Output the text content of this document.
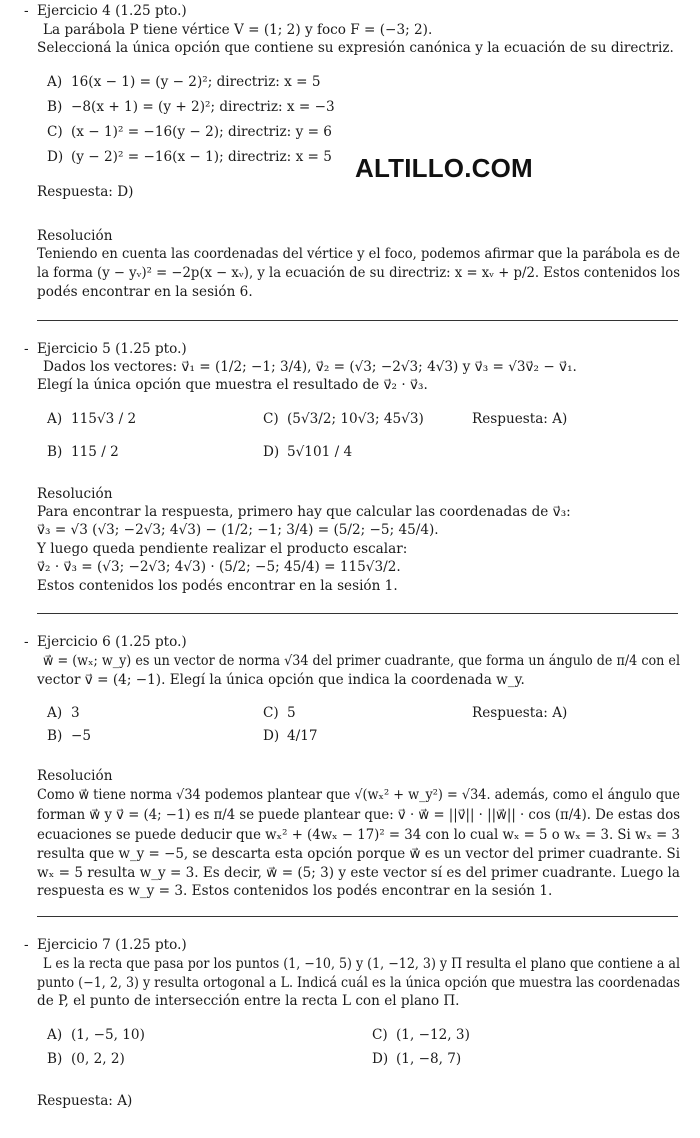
ALTILLO.COM
- Ejercicio 4 (1.25 pto.)
La parábola P tiene vértice V = (1; 2) y foco F = (−3; 2).
Seleccioná la única opción que contiene su expresión canónica y la ecuación de su directriz.
A) 16(x − 1) = (y − 2)²; directriz: x = 5
B) −8(x + 1) = (y + 2)²; directriz: x = −3
C) (x − 1)² = −16(y − 2); directriz: y = 6
D) (y − 2)² = −16(x − 1); directriz: x = 5
Respuesta: D)
Resolución
Teniendo en cuenta las coordenadas del vértice y el foco, podemos afirmar que la parábola es de
la forma (y − yᵥ)² = −2p(x − xᵥ), y la ecuación de su directriz: x = xᵥ + p/2. Estos contenidos los
podés encontrar en la sesión 6.
- Ejercicio 5 (1.25 pto.)
Dados los vectores: v⃗₁ = (1/2; −1; 3/4), v⃗₂ = (√3; −2√3; 4√3) y v⃗₃ = √3v⃗₂ − v⃗₁.
Elegí la única opción que muestra el resultado de v⃗₂ · v⃗₃.
A) 115√3 / 2
B) 115 / 2
C) (5√3/2; 10√3; 45√3)
D) 5√101 / 4
Respuesta: A)
Resolución
Para encontrar la respuesta, primero hay que calcular las coordenadas de v⃗₃:
v⃗₃ = √3 (√3; −2√3; 4√3) − (1/2; −1; 3/4) = (5/2; −5; 45/4).
Y luego queda pendiente realizar el producto escalar:
v⃗₂ · v⃗₃ = (√3; −2√3; 4√3) · (5/2; −5; 45/4) = 115√3/2.
Estos contenidos los podés encontrar en la sesión 1.
- Ejercicio 6 (1.25 pto.)
w⃗ = (wₓ; w_y) es un vector de norma √34 del primer cuadrante, que forma un ángulo de π/4 con el
vector v⃗ = (4; −1). Elegí la única opción que indica la coordenada w_y.
A) 3
B) −5
C) 5
D) 4/17
Respuesta: A)
Resolución
Como w⃗ tiene norma √34 podemos plantear que √(wₓ² + w_y²) = √34. además, como el ángulo que
forman w⃗ y v⃗ = (4; −1) es π/4 se puede plantear que: v⃗ · w⃗ = ||v⃗|| · ||w⃗|| · cos (π/4). De estas dos
ecuaciones se puede deducir que wₓ² + (4wₓ − 17)² = 34 con lo cual wₓ = 5 o wₓ = 3. Si wₓ = 3
resulta que w_y = −5, se descarta esta opción porque w⃗ es un vector del primer cuadrante. Si
wₓ = 5 resulta w_y = 3. Es decir, w⃗ = (5; 3) y este vector sí es del primer cuadrante. Luego la
respuesta es w_y = 3. Estos contenidos los podés encontrar en la sesión 1.
- Ejercicio 7 (1.25 pto.)
L es la recta que pasa por los puntos (1, −10, 5) y (1, −12, 3) y Π resulta el plano que contiene a al
punto (−1, 2, 3) y resulta ortogonal a L. Indicá cuál es la única opción que muestra las coordenadas
de P, el punto de intersección entre la recta L con el plano Π.
A) (1, −5, 10)
B) (0, 2, 2)
C) (1, −12, 3)
D) (1, −8, 7)
Respuesta: A)
